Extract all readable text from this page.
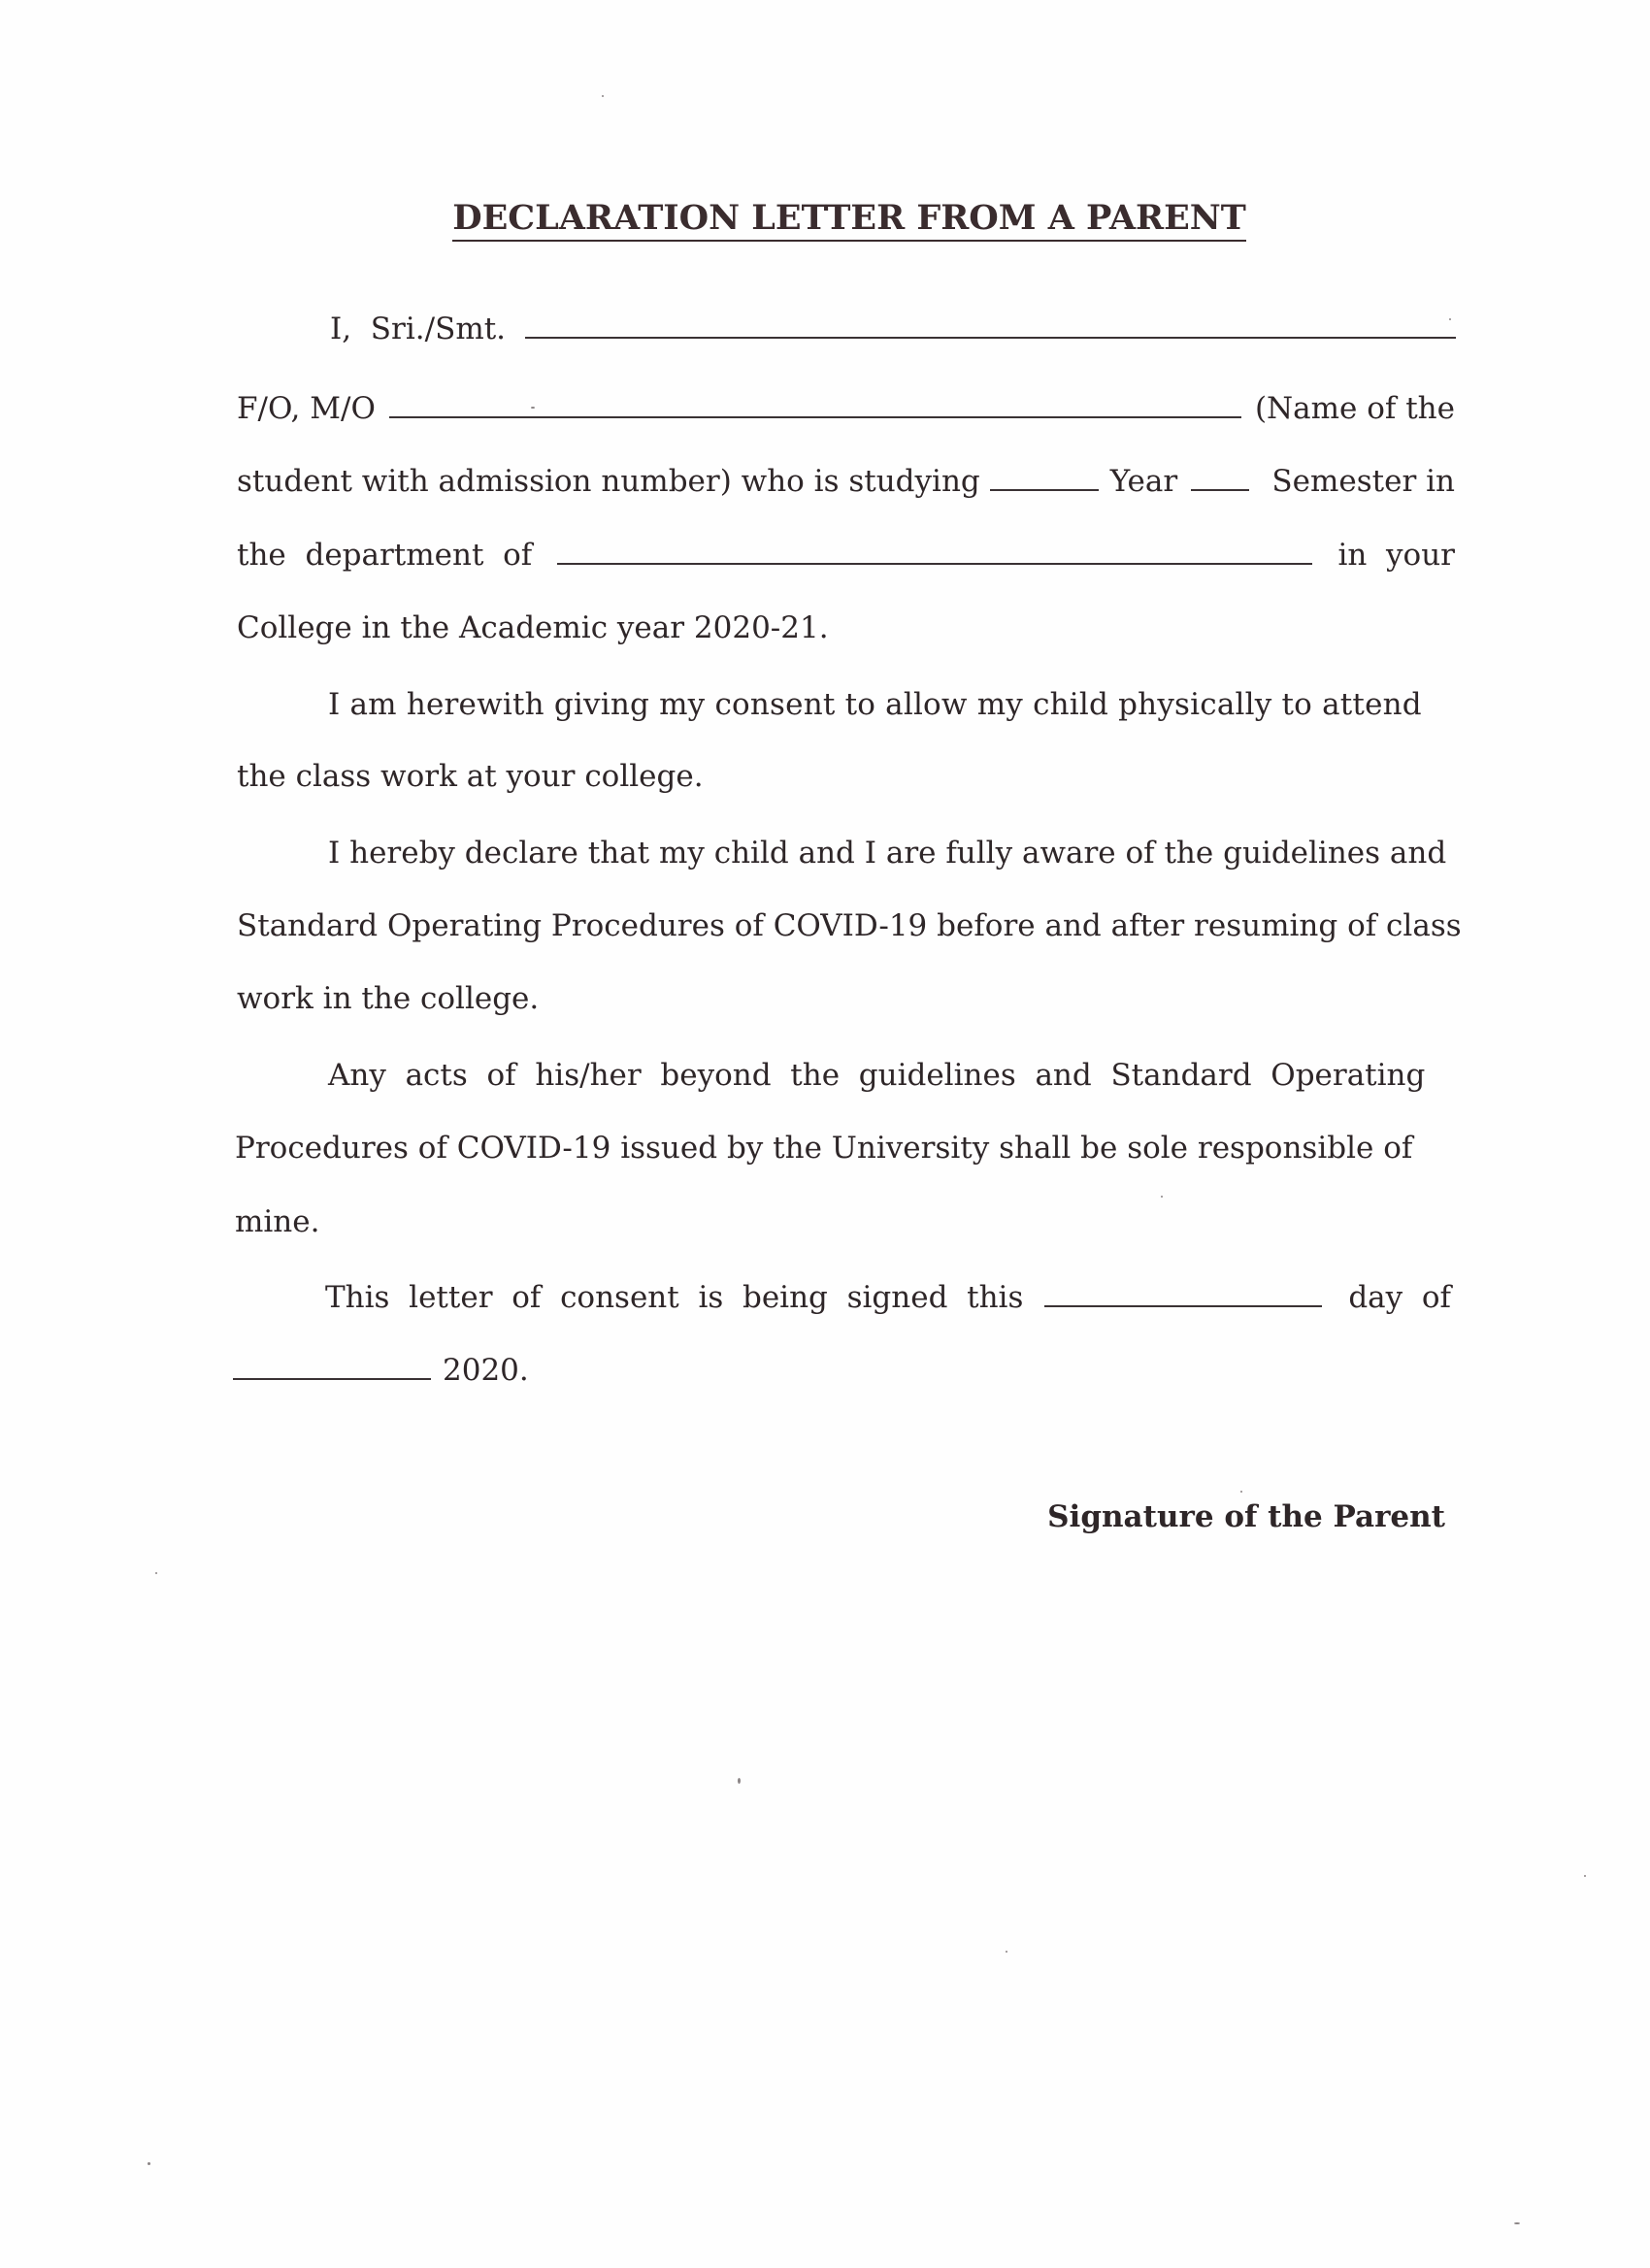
DECLARATION LETTER FROM A PARENT
I,  Sri./Smt.
F/O, M/O	(Name of the
student with admission number) who is studying	Year	Semester in
the  department  of	in  your
College in the Academic year 2020-21.
I am herewith giving my consent to allow my child physically to attend
the class work at your college.
I hereby declare that my child and I are fully aware of the guidelines and
Standard Operating Procedures of COVID-19 before and after resuming of class
work in the college.
Any  acts  of  his/her  beyond  the  guidelines  and  Standard  Operating
Procedures of COVID-19 issued by the University shall be sole responsible of
mine.
This  letter  of  consent  is  being  signed  this	day  of
2020.
Signature of the Parent
